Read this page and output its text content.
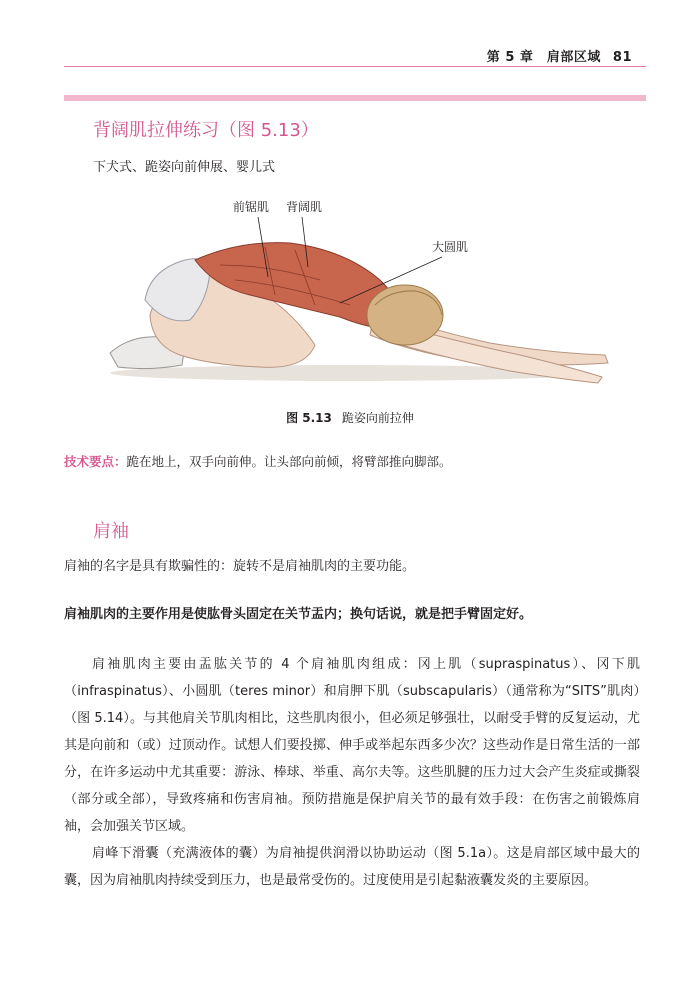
第 5 章　肩部区域 81
背阔肌拉伸练习（图 5.13）
下犬式、跪姿向前伸展、婴儿式
前锯肌 背阔肌
大圆肌
图 5.13 跪姿向前拉伸
技术要点：跪在地上，双手向前伸。让头部向前倾，将臂部推向脚部。
肩袖

肩袖的名字是具有欺骗性的：旋转不是肩袖肌肉的主要功能。

肩袖肌肉的主要作用是使肱骨头固定在关节盂内；换句话说，就是把手臂固定好。

肩袖肌肉主要由盂肱关节的 4 个肩袖肌肉组成：冈上肌（supraspinatus）、冈下肌（infraspinatus）、小圆肌（teres minor）和肩胛下肌（subscapularis）（通常称为“SITS”肌肉）（图 5.14）。与其他肩关节肌肉相比，这些肌肉很小，但必须足够强壮，以耐受手臂的反复运动，尤其是向前和（或）过顶动作。试想人们要投掷、伸手或举起东西多少次？这些动作是日常生活的一部分，在许多运动中尤其重要：游泳、棒球、举重、高尔夫等。这些肌腱的压力过大会产生炎症或撕裂（部分或全部），导致疼痛和伤害肩袖。预防措施是保护肩关节的最有效手段：在伤害之前锻炼肩袖，会加强关节区域。

肩峰下滑囊（充满液体的囊）为肩袖提供润滑以协助运动（图 5.1a）。这是肩部区域中最大的囊，因为肩袖肌肉持续受到压力，也是最常受伤的。过度使用是引起黏液囊发炎的主要原因。
